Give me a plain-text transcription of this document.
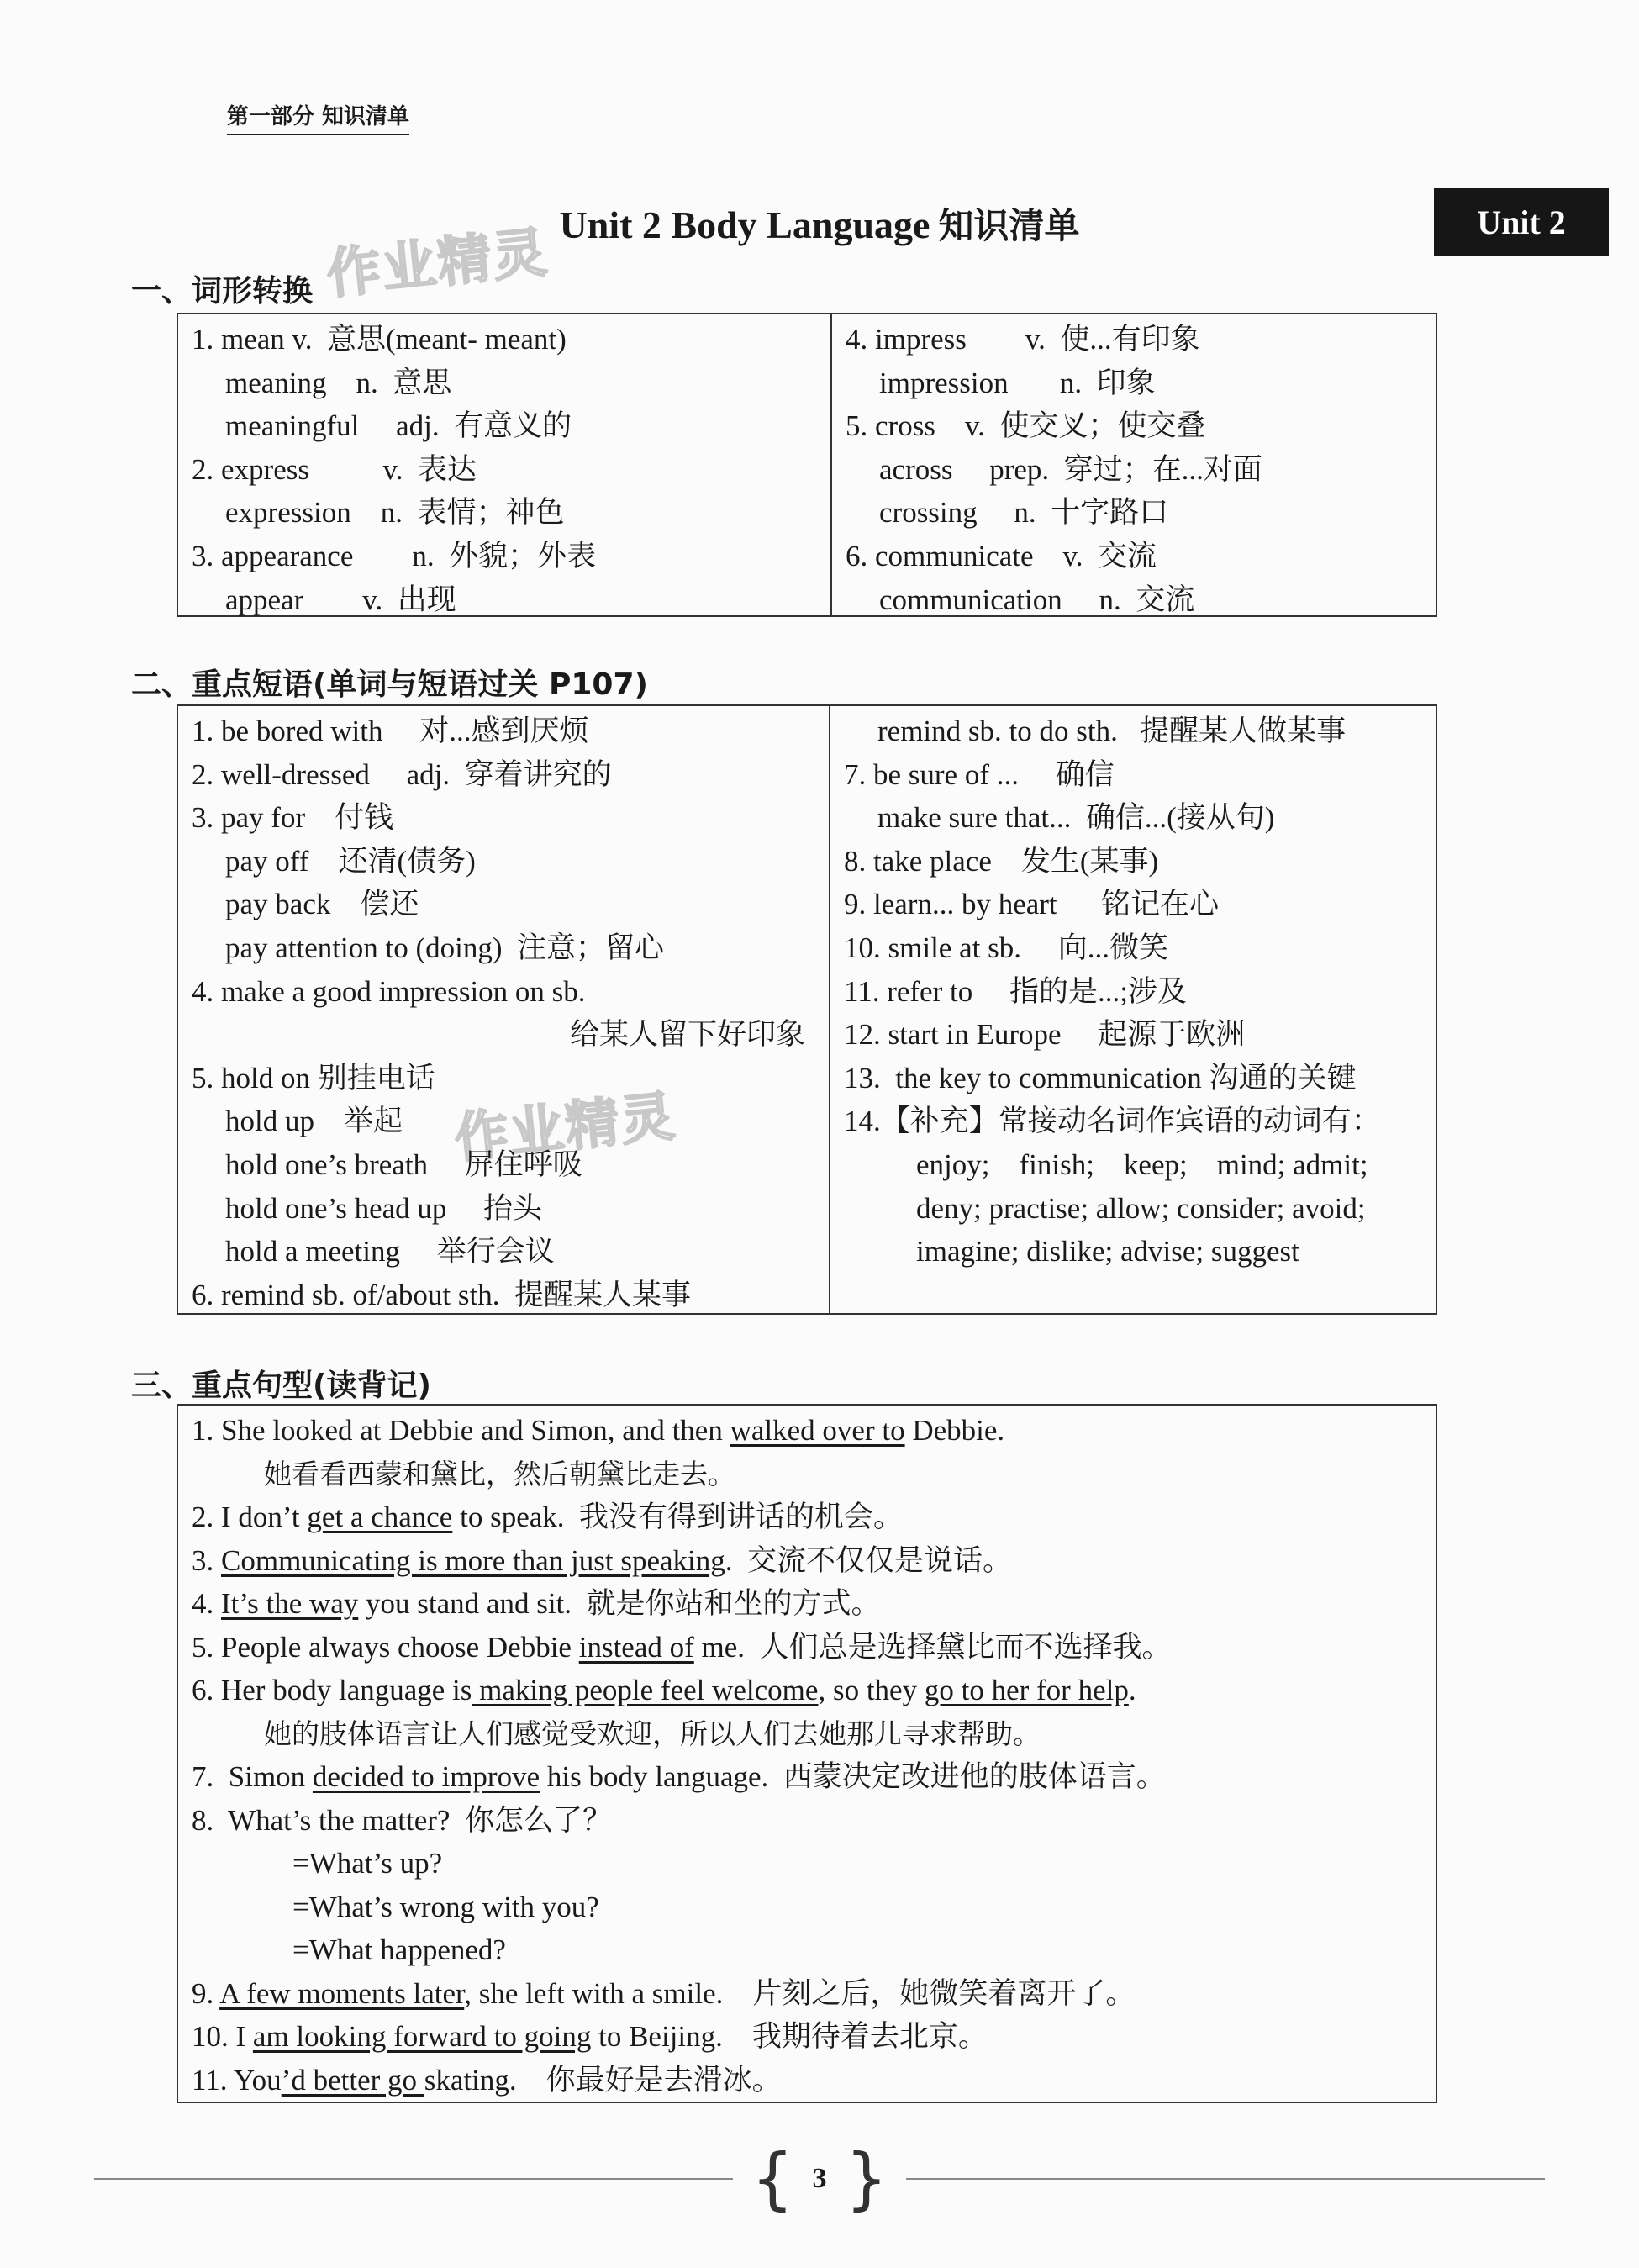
第一部分 知识清单
Unit 2
作业精灵
作业精灵
Unit 2 Body Language 知识清单
一、词形转换
1. mean v.  意思(meant- meant)
meaning    n.  意思
meaningful     adj.  有意义的
2. express          v.  表达
expression    n.  表情；神色
3. appearance        n.  外貌；外表
appear        v.  出现
4. impress        v.  使...有印象
impression       n.  印象
5. cross    v.  使交叉；使交叠
across     prep.  穿过；在...对面
crossing     n.  十字路口
6. communicate    v.  交流
communication     n.  交流
二、重点短语(单词与短语过关 P107)
1. be bored with     对...感到厌烦
2. well-dressed     adj.  穿着讲究的
3. pay for    付钱
pay off    还清(债务)
pay back    偿还
pay attention to (doing)  注意；留心
4. make a good impression on sb.
给某人留下好印象
5. hold on 别挂电话
hold up    举起
hold one’s breath     屏住呼吸
hold one’s head up     抬头
hold a meeting     举行会议
6. remind sb. of/about sth.  提醒某人某事
remind sb. to do sth.   提醒某人做某事
7. be sure of ...     确信
make sure that...  确信...(接从句)
8. take place    发生(某事)
9. learn... by heart      铭记在心
10. smile at sb.     向...微笑
11. refer to     指的是...;涉及
12. start in Europe     起源于欧洲
13.  the key to communication 沟通的关键
14.【补充】常接动名词作宾语的动词有：
enjoy;    finish;    keep;    mind; admit;
deny; practise; allow; consider; avoid;
imagine; dislike; advise; suggest
三、重点句型(读背记)
1. She looked at Debbie and Simon, and then walked over to Debbie.
她看看西蒙和黛比，然后朝黛比走去。
2. I don’t get a chance to speak.  我没有得到讲话的机会。
3. Communicating is more than just speaking.  交流不仅仅是说话。
4. It’s the way you stand and sit.  就是你站和坐的方式。
5. People always choose Debbie instead of me.  人们总是选择黛比而不选择我。
6. Her body language is making people feel welcome, so they go to her for help.
她的肢体语言让人们感觉受欢迎，所以人们去她那儿寻求帮助。
7.  Simon decided to improve his body language.  西蒙决定改进他的肢体语言。
8.  What’s the matter?  你怎么了？
=What’s up?
=What’s wrong with you?
=What happened?
9. A few moments later, she left with a smile.    片刻之后，她微笑着离开了。
10. I am looking forward to going to Beijing.    我期待着去北京。
11. You’d better go skating.    你最好是去滑冰。
{ 3 }
